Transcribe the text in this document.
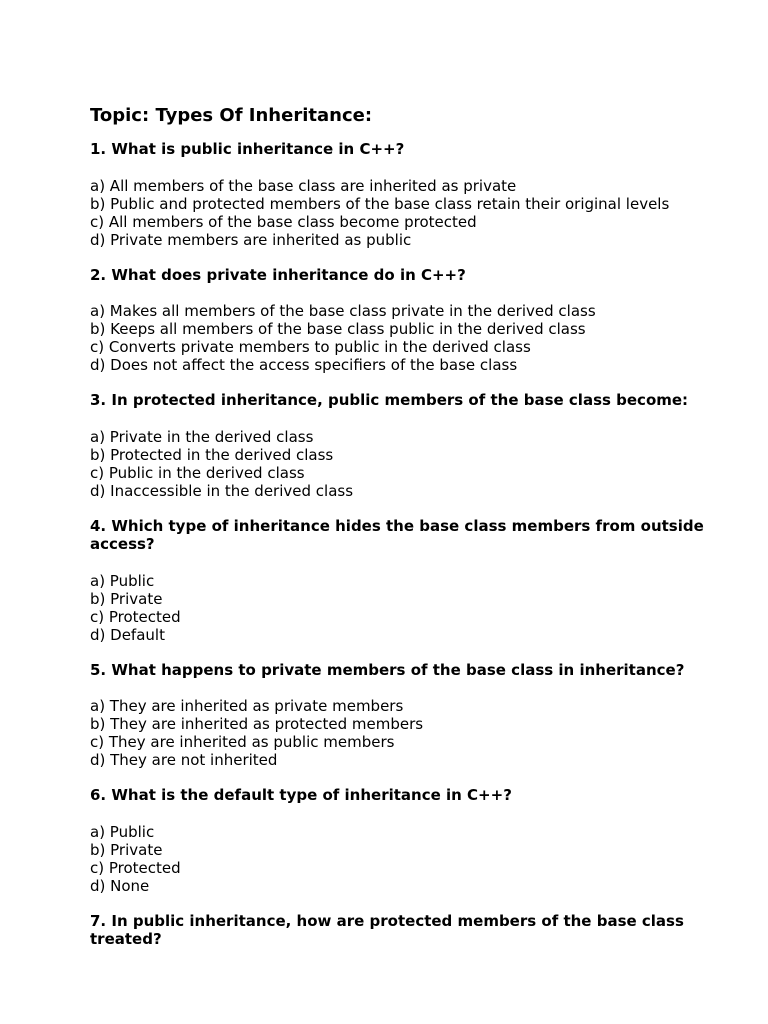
Topic: Types Of Inheritance:
1. What is public inheritance in C++?
a) All members of the base class are inherited as private
b) Public and protected members of the base class retain their original levels
c) All members of the base class become protected
d) Private members are inherited as public
2. What does private inheritance do in C++?
a) Makes all members of the base class private in the derived class
b) Keeps all members of the base class public in the derived class
c) Converts private members to public in the derived class
d) Does not affect the access specifiers of the base class
3. In protected inheritance, public members of the base class become:
a) Private in the derived class
b) Protected in the derived class
c) Public in the derived class
d) Inaccessible in the derived class
4. Which type of inheritance hides the base class members from outside access?
a) Public
b) Private
c) Protected
d) Default
5. What happens to private members of the base class in inheritance?
a) They are inherited as private members
b) They are inherited as protected members
c) They are inherited as public members
d) They are not inherited
6. What is the default type of inheritance in C++?
a) Public
b) Private
c) Protected
d) None
7. In public inheritance, how are protected members of the base class treated?
